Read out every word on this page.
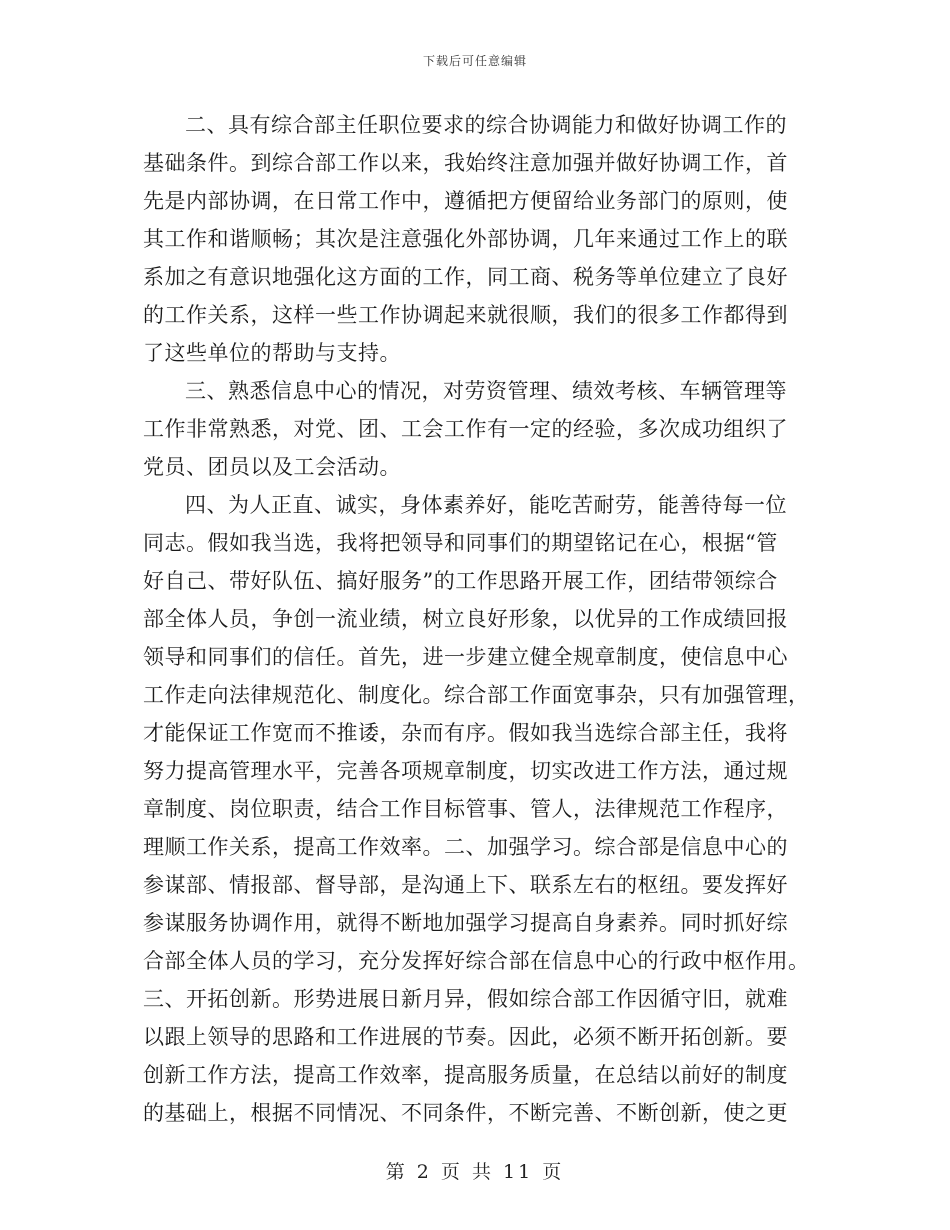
下载后可任意编辑
二、具有综合部主任职位要求的综合协调能力和做好协调工作的
基础条件。到综合部工作以来，我始终注意加强并做好协调工作，首
先是内部协调，在日常工作中，遵循把方便留给业务部门的原则，使
其工作和谐顺畅；其次是注意强化外部协调，几年来通过工作上的联
系加之有意识地强化这方面的工作，同工商、税务等单位建立了良好
的工作关系，这样一些工作协调起来就很顺，我们的很多工作都得到
了这些单位的帮助与支持。
三、熟悉信息中心的情况，对劳资管理、绩效考核、车辆管理等
工作非常熟悉，对党、团、工会工作有一定的经验，多次成功组织了
党员、团员以及工会活动。
四、为人正直、诚实，身体素养好，能吃苦耐劳，能善待每一位
同志。假如我当选，我将把领导和同事们的期望铭记在心，根据“管
好自己、带好队伍、搞好服务”的工作思路开展工作，团结带领综合
部全体人员，争创一流业绩，树立良好形象，以优异的工作成绩回报
领导和同事们的信任。首先，进一步建立健全规章制度，使信息中心
工作走向法律规范化、制度化。综合部工作面宽事杂，只有加强管理，
才能保证工作宽而不推诿，杂而有序。假如我当选综合部主任，我将
努力提高管理水平，完善各项规章制度，切实改进工作方法，通过规
章制度、岗位职责，结合工作目标管事、管人，法律规范工作程序，
理顺工作关系，提高工作效率。二、加强学习。综合部是信息中心的
参谋部、情报部、督导部，是沟通上下、联系左右的枢纽。要发挥好
参谋服务协调作用，就得不断地加强学习提高自身素养。同时抓好综
合部全体人员的学习，充分发挥好综合部在信息中心的行政中枢作用。
三、开拓创新。形势进展日新月异，假如综合部工作因循守旧，就难
以跟上领导的思路和工作进展的节奏。因此，必须不断开拓创新。要
创新工作方法，提高工作效率，提高服务质量，在总结以前好的制度
的基础上，根据不同情况、不同条件，不断完善、不断创新，使之更
第 2 页 共 11 页
